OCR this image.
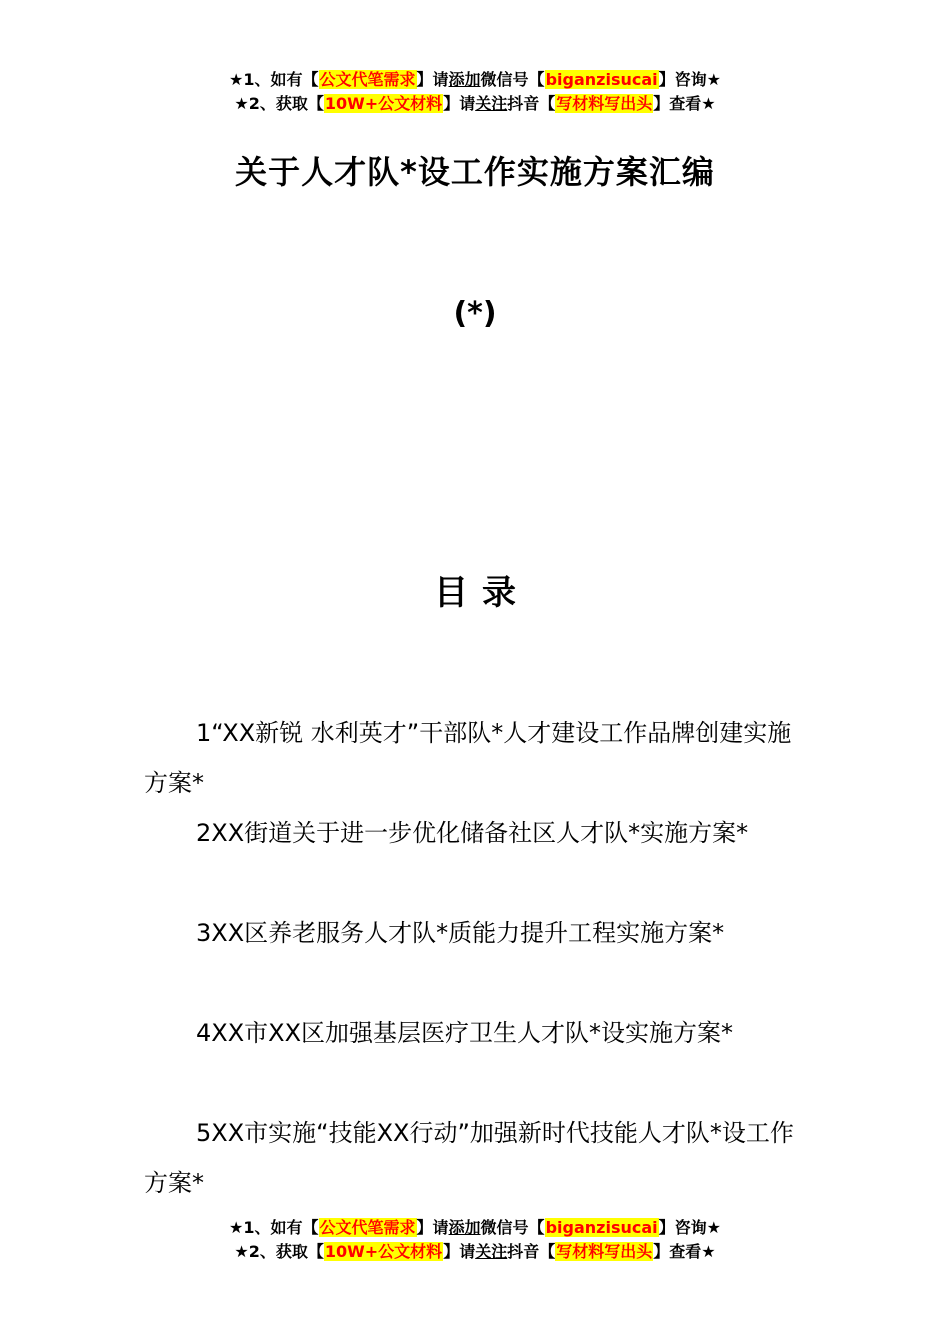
★1、如有【公文代笔需求】请添加微信号【biganzisucai】咨询★
★2、获取【10W+公文材料】请关注抖音【写材料写出头】查看★
关于人才队*设工作实施方案汇编
(*)
目录

1“XX新锐 水利英才”干部队*人才建设工作品牌创建实施方案*

2XX街道关于进一步优化储备社区人才队*实施方案*

3XX区养老服务人才队*质能力提升工程实施方案*

4XX市XX区加强基层医疗卫生人才队*设实施方案*

5XX市实施“技能XX行动”加强新时代技能人才队*设工作方案*

★1、如有【公文代笔需求】请添加微信号【biganzisucai】咨询★
★2、获取【10W+公文材料】请关注抖音【写材料写出头】查看★
